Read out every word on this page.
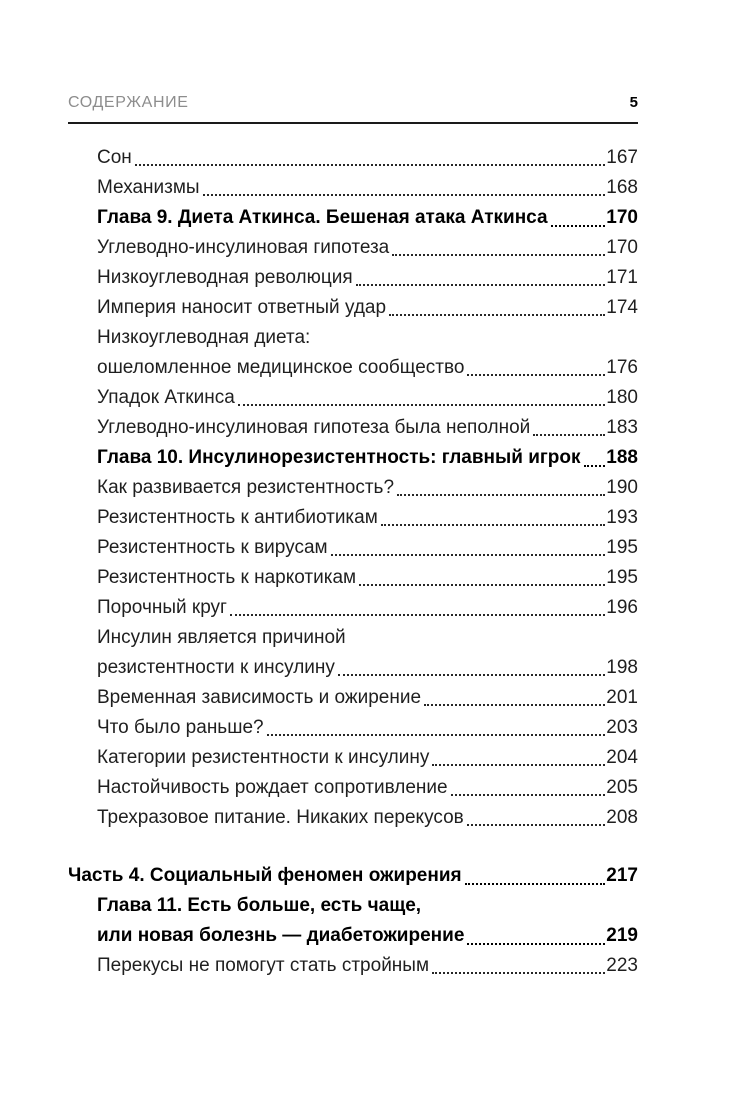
СОДЕРЖАНИЕ	5
Сон	167
Механизмы	168
Глава 9. Диета Аткинса. Бешеная атака Аткинса	170
Углеводно-инсулиновая гипотеза	170
Низкоуглеводная революция	171
Империя наносит ответный удар	174
Низкоуглеводная диета:
ошеломленное медицинское сообщество	176
Упадок Аткинса	180
Углеводно-инсулиновая гипотеза была неполной	183
Глава 10. Инсулинорезистентность: главный игрок 188
Как развивается резистентность?	190
Резистентность к антибиотикам	193
Резистентность к вирусам	195
Резистентность к наркотикам	195
Порочный круг	196
Инсулин является причиной
резистентности к инсулину	198
Временная зависимость и ожирение	201
Что было раньше?	203
Категории резистентности к инсулину	204
Настойчивость рождает сопротивление	205
Трехразовое питание. Никаких перекусов	208
Часть 4. Социальный феномен ожирения	217
Глава 11. Есть больше, есть чаще,
или новая болезнь — диабетожирение	219
Перекусы не помогут стать стройным	223
